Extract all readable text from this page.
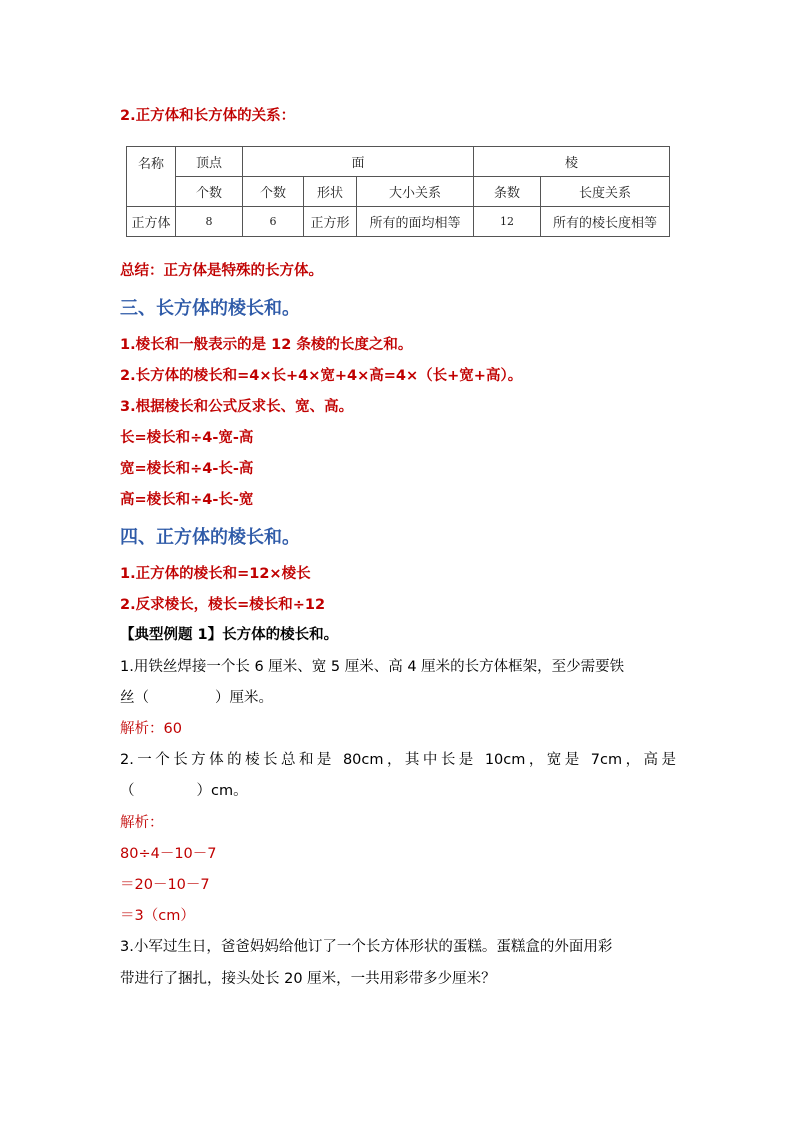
2.正方体和长方体的关系：
名称	顶点	面			棱	
	个数	个数	形状	大小关系	条数	长度关系
正方体	8	6	正方形	所有的面均相等	12	所有的棱长度相等
总结：正方体是特殊的长方体。
三、长方体的棱长和。
1.棱长和一般表示的是 12 条棱的长度之和。
2.长方体的棱长和=4×长+4×宽+4×高=4×（长+宽+高）。
3.根据棱长和公式反求长、宽、高。
长=棱长和÷4-宽-高
宽=棱长和÷4-长-高
高=棱长和÷4-长-宽
四、正方体的棱长和。
1.正方体的棱长和=12×棱长
2.反求棱长，棱长=棱长和÷12
【典型例题 1】长方体的棱长和。
1.用铁丝焊接一个长 6 厘米、宽 5 厘米、高 4 厘米的长方体框架，至少需要铁
丝（	）厘米。
解析：60
2.一个长方体的棱长总和是 80cm，其中长是 10cm，宽是 7cm，高是
（	）cm。
解析：
80÷4－10－7
＝20－10－7
＝3（cm）
3.小军过生日，爸爸妈妈给他订了一个长方体形状的蛋糕。蛋糕盒的外面用彩
带进行了捆扎，接头处长 20 厘米，一共用彩带多少厘米？
